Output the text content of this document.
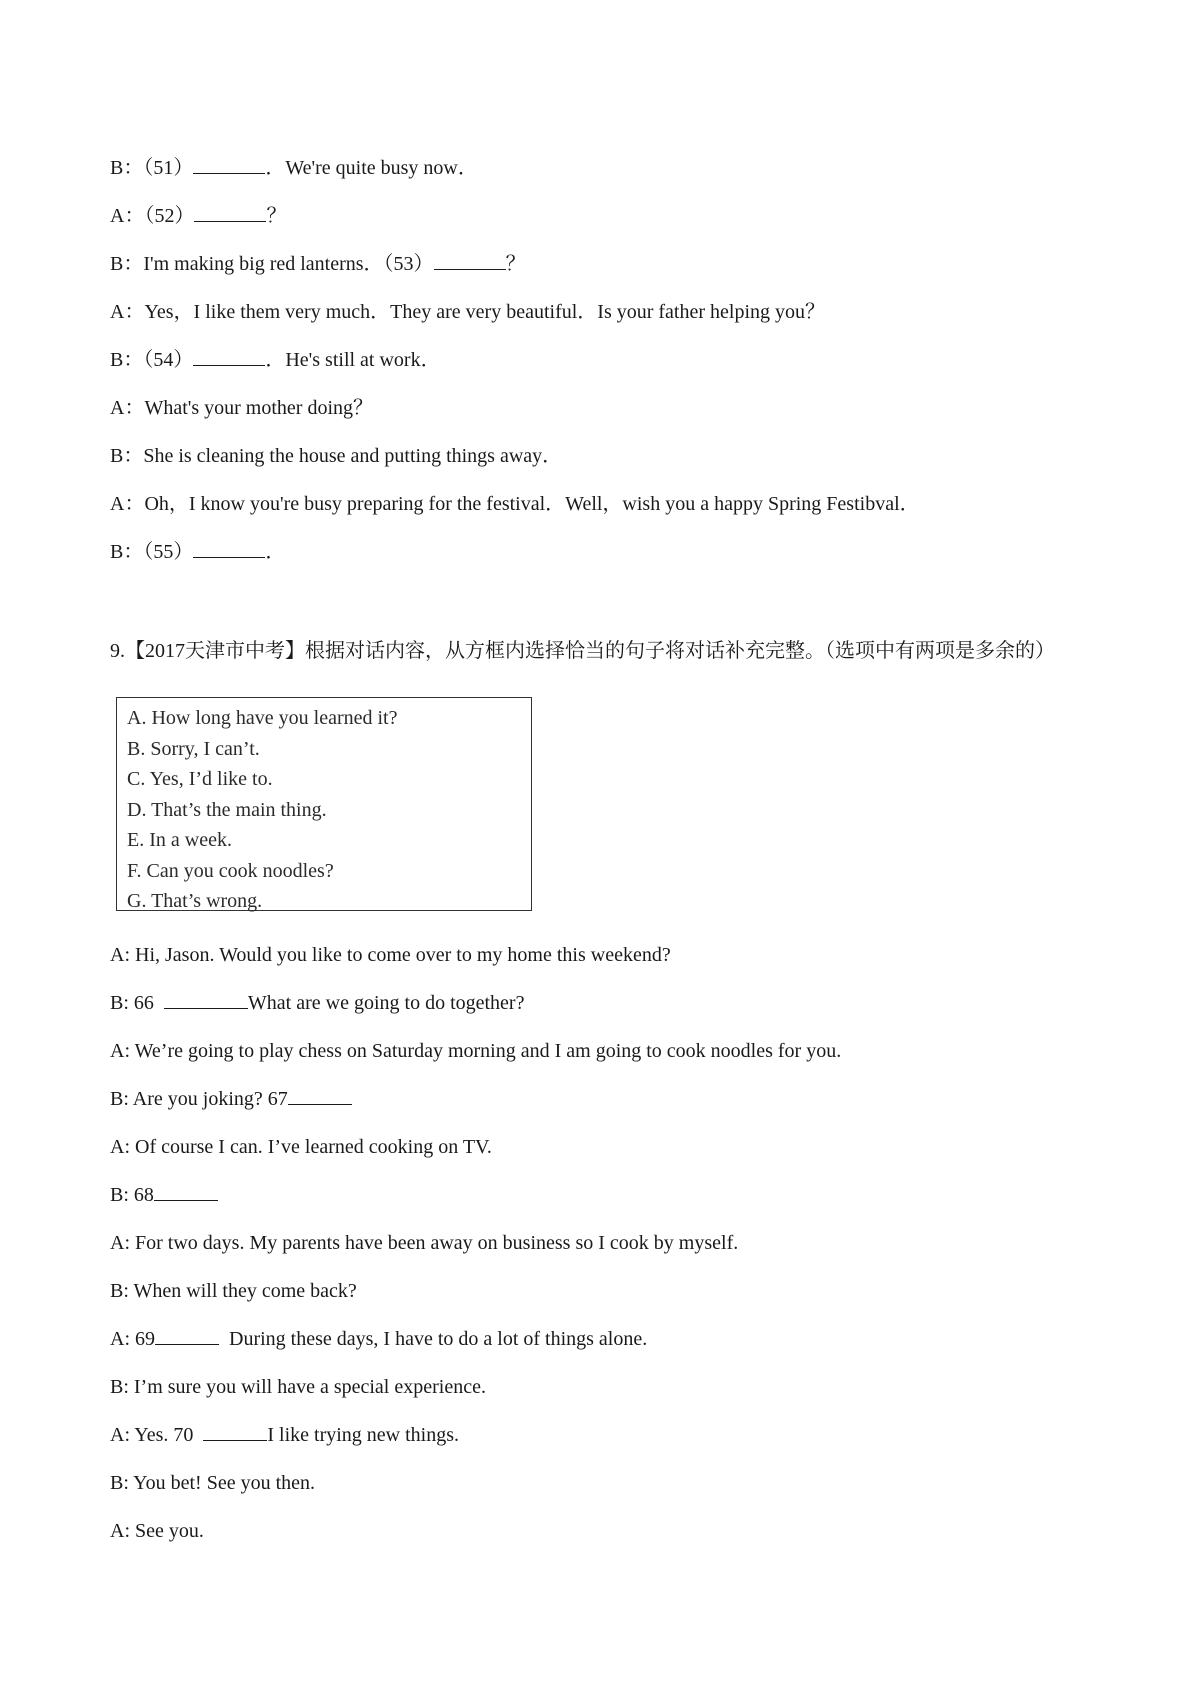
B：（51）	．We're quite busy now．
A：（52）	？
B：I'm making big red lanterns．（53）	？
A：Yes，I like them very much．They are very beautiful．Is your father helping you？
B：（54）	．He's still at work．
A：What's your mother doing？
B：She is cleaning the house and putting things away．
A：Oh，I know you're busy preparing for the festival．Well，wish you a happy Spring Festibval．
B：（55）	．
9.【2017天津市中考】根据对话内容，从方框内选择恰当的句子将对话补充完整。（选项中有两项是多余的）
A. How long have you learned it?
B. Sorry, I can’t.
C. Yes, I’d like to.
D. That’s the main thing.
E. In a week.
F. Can you cook noodles?
G. That’s wrong.
A: Hi, Jason. Would you like to come over to my home this weekend?
B: 66	What are we going to do together?
A: We’re going to play chess on Saturday morning and I am going to cook noodles for you.
B: Are you joking? 67
A: Of course I can. I’ve learned cooking on TV.
B: 68
A: For two days. My parents have been away on business so I cook by myself.
B: When will they come back?
A: 69	During these days, I have to do a lot of things alone.
B: I’m sure you will have a special experience.
A: Yes. 70	I like trying new things.
B: You bet! See you then.
A: See you.
